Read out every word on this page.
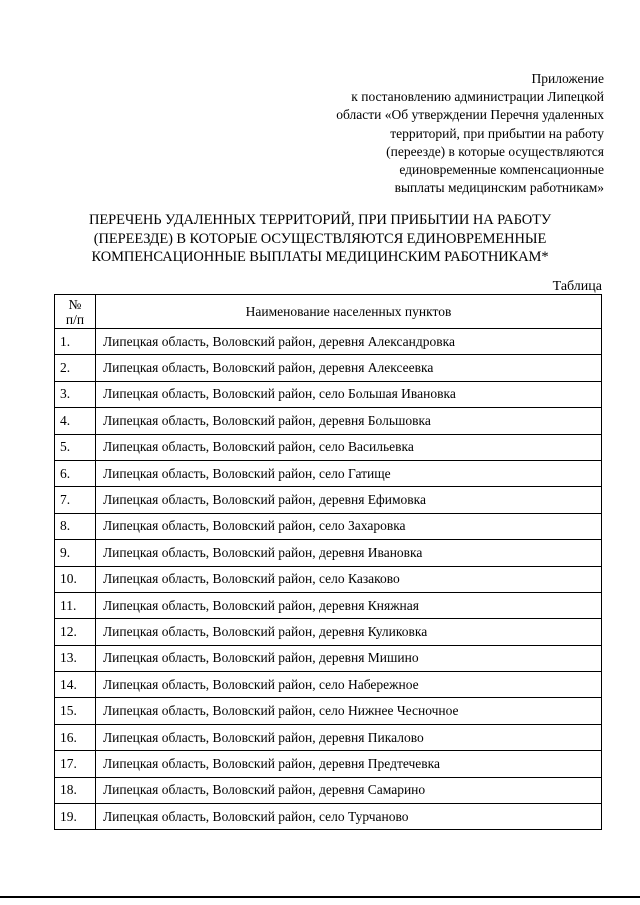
Приложение
к постановлению администрации Липецкой
области «Об утверждении Перечня удаленных
территорий, при прибытии на работу
(переезде) в которые осуществляются
единовременные компенсационные
выплаты медицинским работникам»
ПЕРЕЧЕНЬ УДАЛЕННЫХ ТЕРРИТОРИЙ, ПРИ ПРИБЫТИИ НА РАБОТУ
(ПЕРЕЕЗДЕ) В КОТОРЫЕ ОСУЩЕСТВЛЯЮТСЯ ЕДИНОВРЕМЕННЫЕ
КОМПЕНСАЦИОННЫЕ ВЫПЛАТЫ МЕДИЦИНСКИМ РАБОТНИКАМ*
Таблица
№
п/п	Наименование населенных пунктов
1.	Липецкая область, Воловский район, деревня Александровка
2.	Липецкая область, Воловский район, деревня Алексеевка
3.	Липецкая область, Воловский район, село Большая Ивановка
4.	Липецкая область, Воловский район, деревня Большовка
5.	Липецкая область, Воловский район, село Васильевка
6.	Липецкая область, Воловский район, село Гатище
7.	Липецкая область, Воловский район, деревня Ефимовка
8.	Липецкая область, Воловский район, село Захаровка
9.	Липецкая область, Воловский район, деревня Ивановка
10.	Липецкая область, Воловский район, село Казаково
11.	Липецкая область, Воловский район, деревня Княжная
12.	Липецкая область, Воловский район, деревня Куликовка
13.	Липецкая область, Воловский район, деревня Мишино
14.	Липецкая область, Воловский район, село Набережное
15.	Липецкая область, Воловский район, село Нижнее Чесночное
16.	Липецкая область, Воловский район, деревня Пикалово
17.	Липецкая область, Воловский район, деревня Предтечевка
18.	Липецкая область, Воловский район, деревня Самарино
19.	Липецкая область, Воловский район, село Турчаново
